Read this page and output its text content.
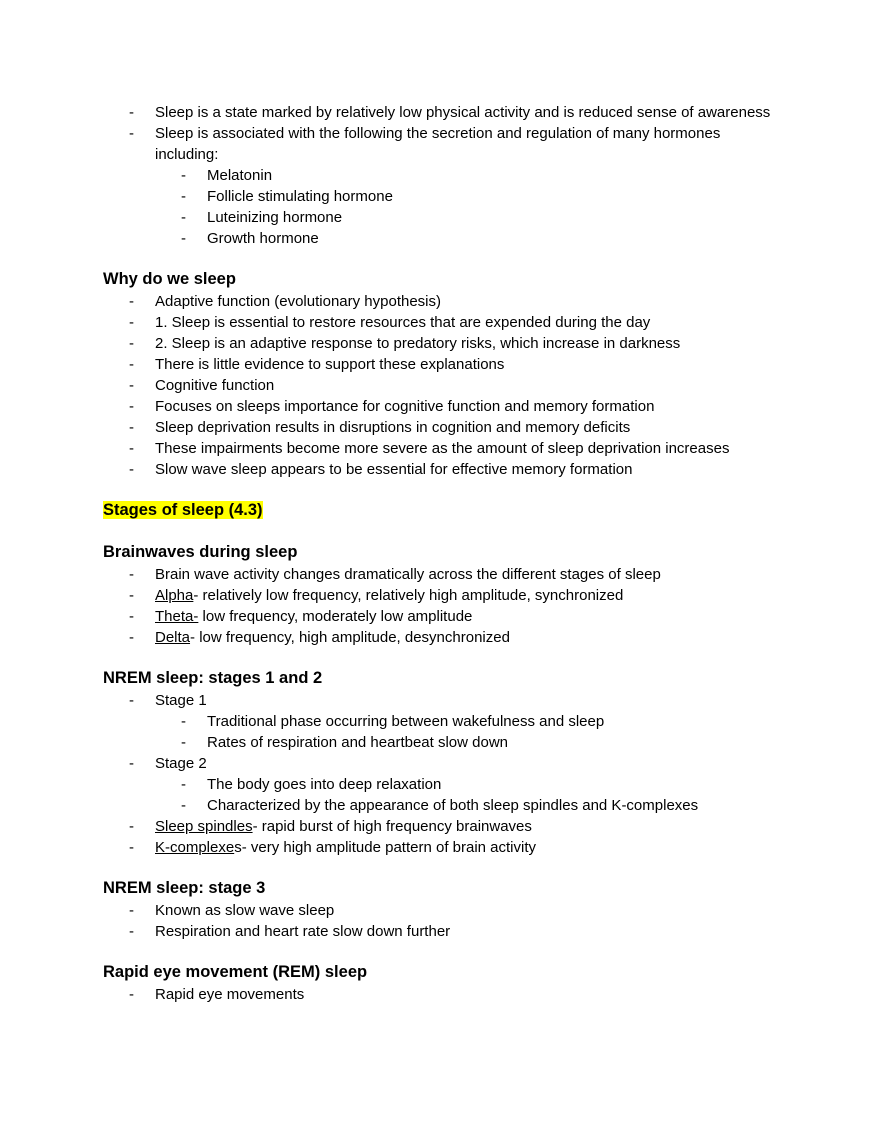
- Sleep is a state marked by relatively low physical activity and is reduced sense of awareness
- Sleep is associated with the following the secretion and regulation of many hormones including:
- Melatonin
- Follicle stimulating hormone
- Luteinizing hormone
- Growth hormone
Why do we sleep
- Adaptive function (evolutionary hypothesis)
- 1. Sleep is essential to restore resources that are expended during the day
- 2. Sleep is an adaptive response to predatory risks, which increase in darkness
- There is little evidence to support these explanations
- Cognitive function
- Focuses on sleeps importance for cognitive function and memory formation
- Sleep deprivation results in disruptions in cognition and memory deficits
- These impairments become more severe as the amount of sleep deprivation increases
- Slow wave sleep appears to be essential for effective memory formation
Stages of sleep (4.3)
Brainwaves during sleep
- Brain wave activity changes dramatically across the different stages of sleep
- Alpha- relatively low frequency, relatively high amplitude, synchronized
- Theta- low frequency, moderately low amplitude
- Delta- low frequency, high amplitude, desynchronized
NREM sleep: stages 1 and 2
- Stage 1
- Traditional phase occurring between wakefulness and sleep
- Rates of respiration and heartbeat slow down
- Stage 2
- The body goes into deep relaxation
- Characterized by the appearance of both sleep spindles and K-complexes
- Sleep spindles- rapid burst of high frequency brainwaves
- K-complexes- very high amplitude pattern of brain activity
NREM sleep: stage 3
- Known as slow wave sleep
- Respiration and heart rate slow down further
Rapid eye movement (REM) sleep
- Rapid eye movements
